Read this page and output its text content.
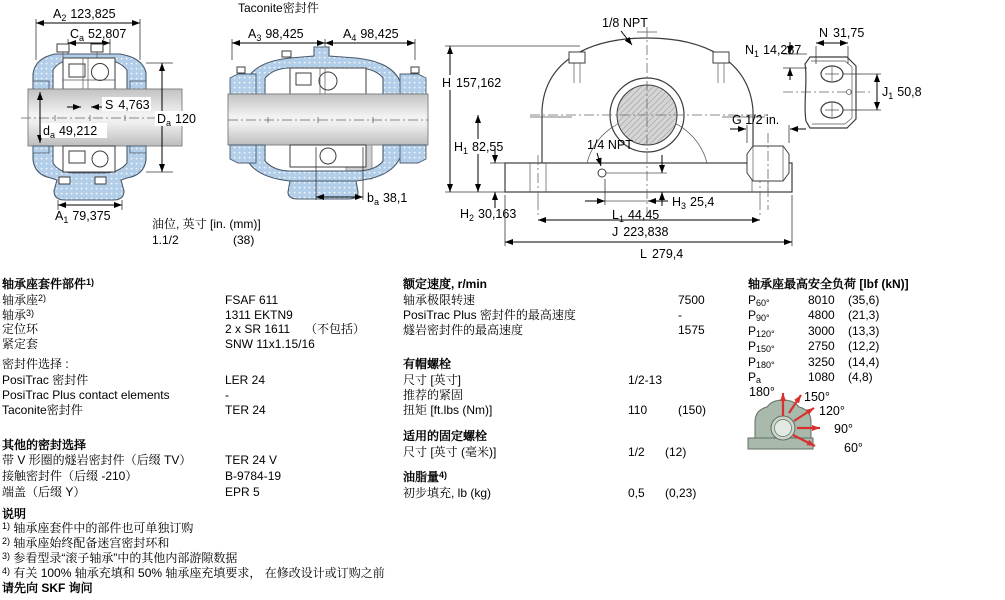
$A_2$ 123,825
$C_a$ 52,807
$d_a$ 49,212
S 4,763
$D_a$ 120
$A_1$ 79,375
Taconite密封件
$A_3$ 98,425	$A_4$ 98,425
$b_a$ 38,1
油位, 英寸 [in. (mm)]
1.1/2	(38)
1/8 NPT
1/4 NPT
G 1/2 in.
H 157,162
$H_1$ 82,55
$H_2$ 30,163	$L_1$ 44,45
$H_3$ 25,4
J 223,838
L 279,4
N 31,75
$N_1$ 14,287
$J_1$ 50,8
180° 150°
120°
90°
60°
轴承座套件部件$^{1)}$
轴承座$^{2)}$	FSAF 611
轴承$^{3)}$	1311 EKTN9
定位环	2 x SR 1611 （不包括）
紧定套	SNW 11x1.15/16
密封件选择 :
PosiTrac 密封件	LER 24
PosiTrac Plus contact elements	-
Taconite密封件	TER 24
其他的密封选择
带 V 形圈的燧岩密封件（后缀 TV）	TER 24 V
接触密封件（后缀 -210）	B-9784-19
端盖（后缀 Y）	EPR 5
说明
$^{1)}$ 轴承座套件中的部件也可单独订购
$^{2)}$ 轴承座始终配备迷宫密封环和
$^{3)}$ 参看型录“滚子轴承”中的其他内部游隙数据
$^{4)}$ 有关 100% 轴承充填和 50% 轴承座充填要求， 在修改设计或订购之前
请先向 SKF 询问
额定速度, r/min
轴承极限转速	7500
PosiTrac Plus 密封件的最高速度	-
燧岩密封件的最高速度	1575
有帽螺栓
尺寸 [英寸]	1/2-13
推荐的紧固
扭矩 [ft.lbs (Nm)]	110	(150)
适用的固定螺栓
尺寸 [英寸 (毫米)]	1/2 (12)
油脂量$^{4)}$
初步填充, lb (kg)	0,5 (0,23)
轴承座最高安全负荷 [lbf (kN)]
$P_{60^\circ}$	8010 (35,6)
$P_{90^\circ}$	4800 (21,3)
$P_{120^\circ}$	3000 (13,3)
$P_{150^\circ}$	2750 (12,2)
$P_{180^\circ}$	3250 (14,4)
$P_a$	1080 (4,8)
